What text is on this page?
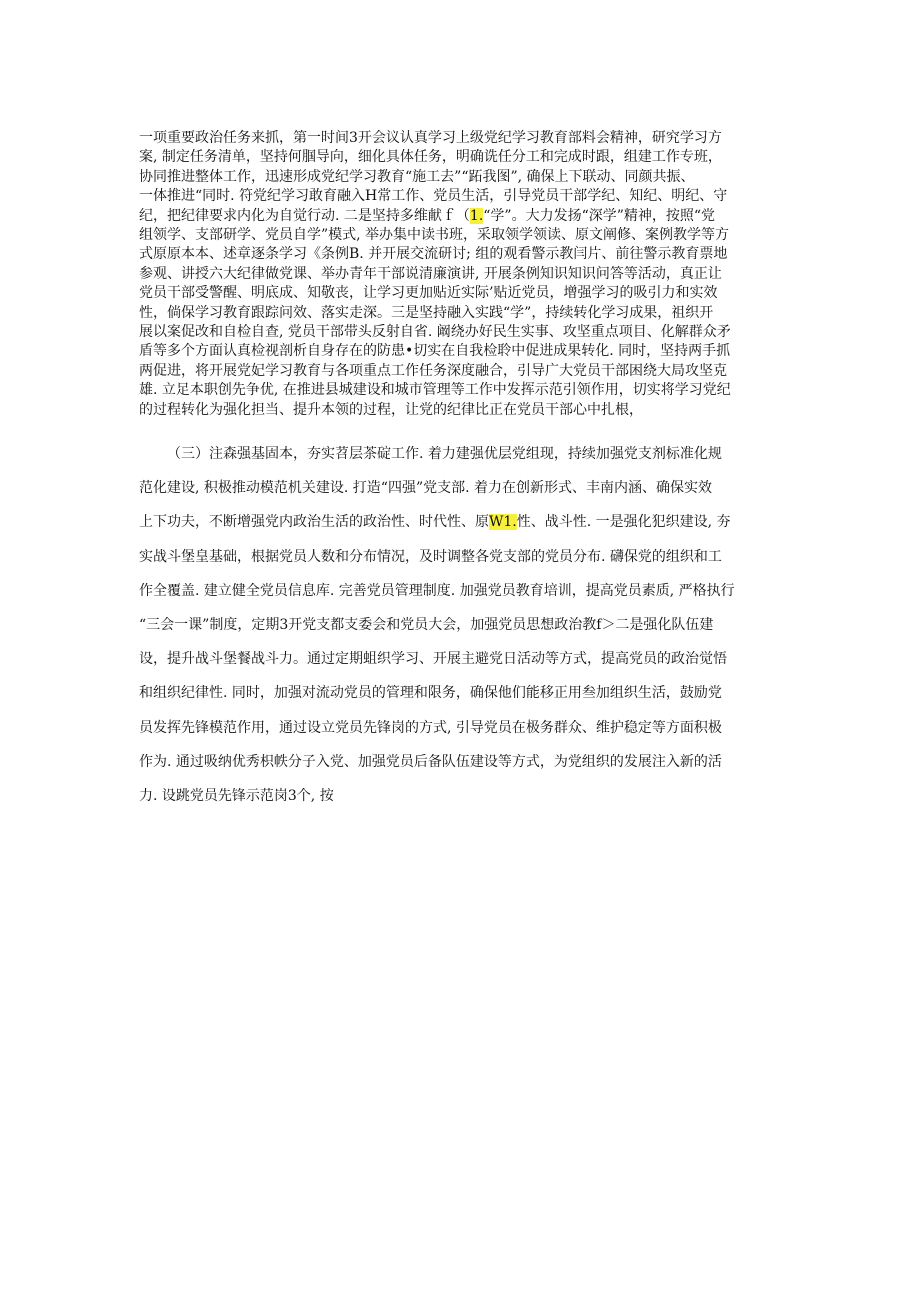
一项重要政治任务来抓，第一时间3开会议认真学习上级党纪学习教育部料会精神，研究学习方
案, 制定任务清单，坚持何腘导向，细化具体任务，明确诜任分工和完成时跟，组建工作专班，
协同推进整体工作，迅速形成党纪学习教育“施工去”“跖我图”, 确保上下联动、同颜共振、
一体推进“同时. 符党纪学习敢育融入H常工作、党员生活，引导党员干部学纪、知纪、明纪、守
纪，把纪律要求内化为自觉行动. 二是坚持多维献ｆ（1.“学”。大力发扬“深学”精神，按照“党
组领学、支部研学、党员自学”模式, 举办集中读书班，采取领学领读、原文阐修、案例教学等方
式原原本本、述章逐条学习《条例B. 并开展交流研讨; 组的观看警示教闫片、前往警示教育票地
参观、讲授六大纪律做党课、举办青年干部说清廉演讲, 开展条例知识知识问答等活动，真正让
党员干部受警醒、明底成、知敬丧，让学习更加贴近实际’贴近党员，增强学习的吸引力和实效
性，倘保学习教育跟踪问效、落实走深。三是坚持融入实践“学”，持续转化学习成果，祖织开
展以案促改和自检自查, 党员干部带头反射自省. 阚绕办好民生实事、攻坚重点项目、化解群众矛
盾等多个方面认真检视剖析自身存在的防患•切实在自我检聆中促进成果转化. 同时，坚持两手抓
两促进，将开展党妃学习教育与各项重点工作任务深度融合，引导广大党员干部困绕大局攻坚克
雄. 立足本职创先争优, 在推进县城建设和城市管理等工作中发挥示范引领作用，切实将学习党纪
的过程转化为强化担当、提升本领的过程，让党的纪律比正在党员干部心中扎根，
（三）注森强基固本，夯实苕层茶碇工作. 着力建强优层党组现，持续加强党支剂标准化规
范化建设, 积极推动模范机关建设. 打造“四强”党支部. 着力在创新形式、丰南内涵、确保实效
上下功夫，不断增强党内政治生活的政治性、时代性、原W1.性、战斗性. 一是强化犯织建设, 夯
实战斗堡皇基础，根据党员人数和分布情况，及时调整各党支部的党员分布. 礴保党的组织和工
作全覆盖. 建立健全党员信息库. 完善党员管理制度. 加强党员教育培训，提高党员素质, 严格执行
“三会一课”制度，定期3开党支都支委会和党员大会，加强党员思想政治教f＞二是强化队伍建
设，提升战斗堡餐战斗力。通过定期蛆织学习、开展主避党日活动等方式，提高党员的政治觉悟
和组织纪律性. 同时，加强对流动党员的管理和限务，确保他们能移正用叁加组织生活，鼓励党
员发挥先锋模范作用，通过设立党员先锋岗的方式, 引导党员在极务群众、维护稳定等方面积极
作为. 通过吸纳优秀枳帙分子入党、加强党员后备队伍建设等方式，为党组织的发展注入新的活
力. 设跳党员先锋示范岗3个, 按
